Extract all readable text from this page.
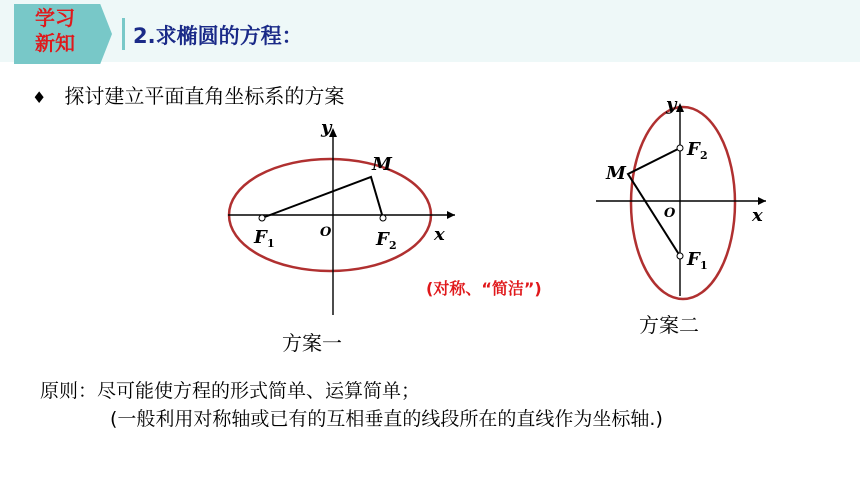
学习
新知	2.求椭圆的方程：
♦ 探讨建立平面直角坐标系的方案
x
y
O
M
F 1	F 2
x
y
O
M
F 2
F 1
方案一
方案二
(对称、“简洁”)
原则：尽可能使方程的形式简单、运算简单；
(一般利用对称轴或已有的互相垂直的线段所在的直线作为坐标轴.)
